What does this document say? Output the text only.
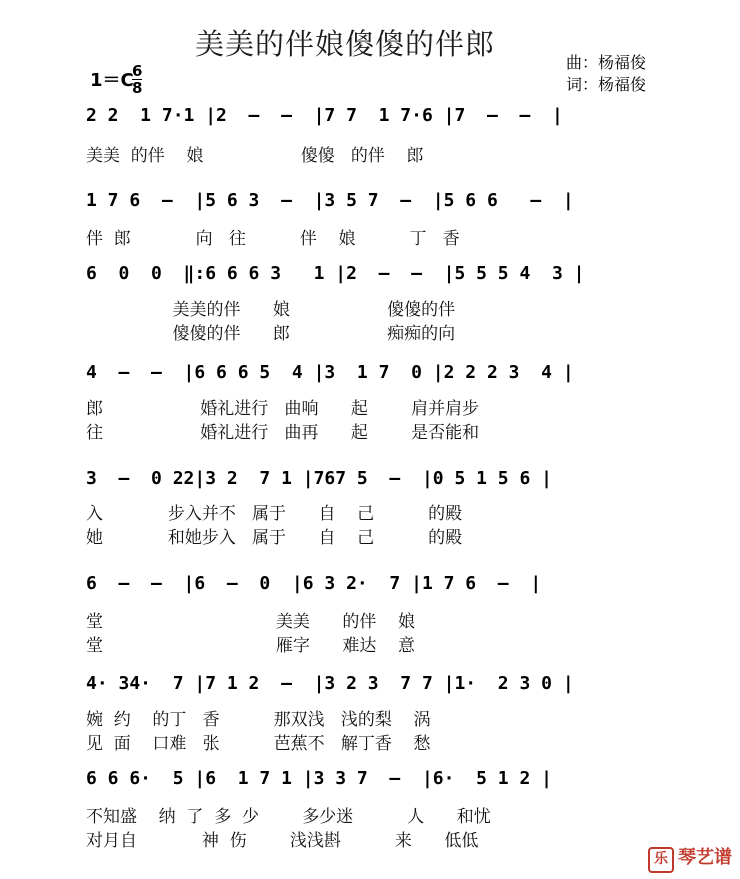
美美的伴娘傻傻的伴郎
曲：杨福俊
词：杨福俊
1＝C
6
8
2 2  1 7·1 |2  –  –  |7 7  1 7·6 |7  –  –  |
美美  的伴    娘                  傻傻   的伴    郎
1 7 6  –  |5 6 3  –  |3 5 7  –  |5 6 6   –  |
伴  郎            向   往          伴    娘          丁   香
6  0  0  ‖:6 6 6 3   1 |2  –  –  |5 5 5 4  3 |
美美的伴      娘                  傻傻的伴
傻傻的伴      郎                  痴痴的向
4  –  –  |6 6 6 5  4 |3  1 7  0 |2 2 2 3  4 |
郎                  婚礼进行   曲响      起        肩并肩步
往                  婚礼进行   曲再      起        是否能和
3  –  0 22|3 2  7 1 |767 5  –  |0 5 1 5 6 |
入            步入并不   属于      自    己          的殿
她            和她步入   属于      自    己          的殿
6  –  –  |6  –  0  |6 3 2·  7 |1 7 6  –  |
堂                                美美      的伴    娘
堂                                雁字      难达    意
4· 34·  7 |7 1 2  –  |3 2 3  7 7 |1·  2 3 0 |
婉  约    的丁   香          那双浅   浅的梨    涡
见  面    口难   张          芭蕉不   解丁香    愁
6 6 6·  5 |6  1 7 1 |3 3 7  –  |6·  5 1 2 |
不知盛    纳  了  多  少        多少迷          人      和忧
对月自            神  伤        浅浅斟          来      低低
乐 琴艺谱
